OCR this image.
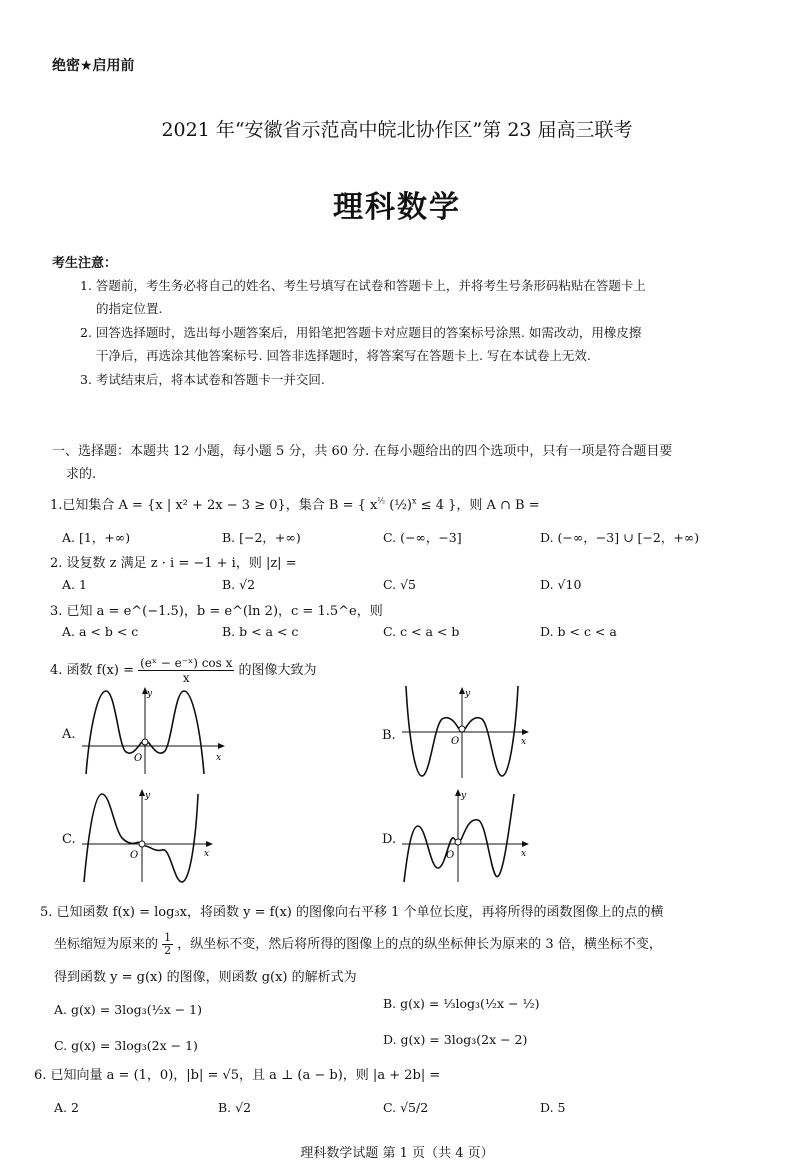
绝密★启用前
2021 年“安徽省示范高中皖北协作区”第 23 届高三联考
理科数学
考生注意：
1. 答题前，考生务必将自己的姓名、考生号填写在试卷和答题卡上，并将考生号条形码粘贴在答题卡上
的指定位置.
2. 回答选择题时，选出每小题答案后，用铅笔把答题卡对应题目的答案标号涂黑. 如需改动，用橡皮擦
干净后，再选涂其他答案标号. 回答非选择题时，将答案写在答题卡上. 写在本试卷上无效.
3. 考试结束后，将本试卷和答题卡一并交回.
一、选择题：本题共 12 小题，每小题 5 分，共 60 分. 在每小题给出的四个选项中，只有一项是符合题目要
求的.
1.已知集合 A = {x | x² + 2x − 3 ≥ 0}，集合 B = { $x^{\frac{1}{2}}$ (½)$^x$ ≤ 4 }，则 A ∩ B =
A. [1，+∞)	B. [−2，+∞)	C. (−∞，−3]	D. (−∞，−3] ∪ [−2，+∞)
2. 设复数 z 满足 z · i = −1 + i，则 |z| =
A. 1	B. √2	C. √5	D. √10
3. 已知 a = e^(−1.5)，b = e^(ln 2)，c = 1.5^e，则
A. a < b < c	B. b < a < c	C. c < a < b	D. b < c < a
4. 函数 $f(x) = \frac{\text{(eˣ − e⁻ˣ) cos x}}{x}$ 的图像大致为
A.	B.
C.	D.
y
x
O
y
x
O
y
x
O
y
x
O
5. 已知函数 f(x) = log₃x，将函数 y = f(x) 的图像向右平移 1 个单位长度，再将所得的函数图像上的点的横
坐标缩短为原来的 $\frac{1}{2}$ ，纵坐标不变，然后将所得的图像上的点的纵坐标伸长为原来的 3 倍，横坐标不变，
得到函数 y = g(x) 的图像，则函数 g(x) 的解析式为
A. g(x) = 3log₃(½x − 1)	B. g(x) = ⅓log₃(½x − ½)
C. g(x) = 3log₃(2x − 1)	D. g(x) = 3log₃(2x − 2)
6. 已知向量 a = (1，0)，|b| = √5，且 a ⊥ (a − b)，则 |a + 2b| =
A. 2	B. √2	C. √5/2	D. 5
理科数学试题 第 1 页（共 4 页）
